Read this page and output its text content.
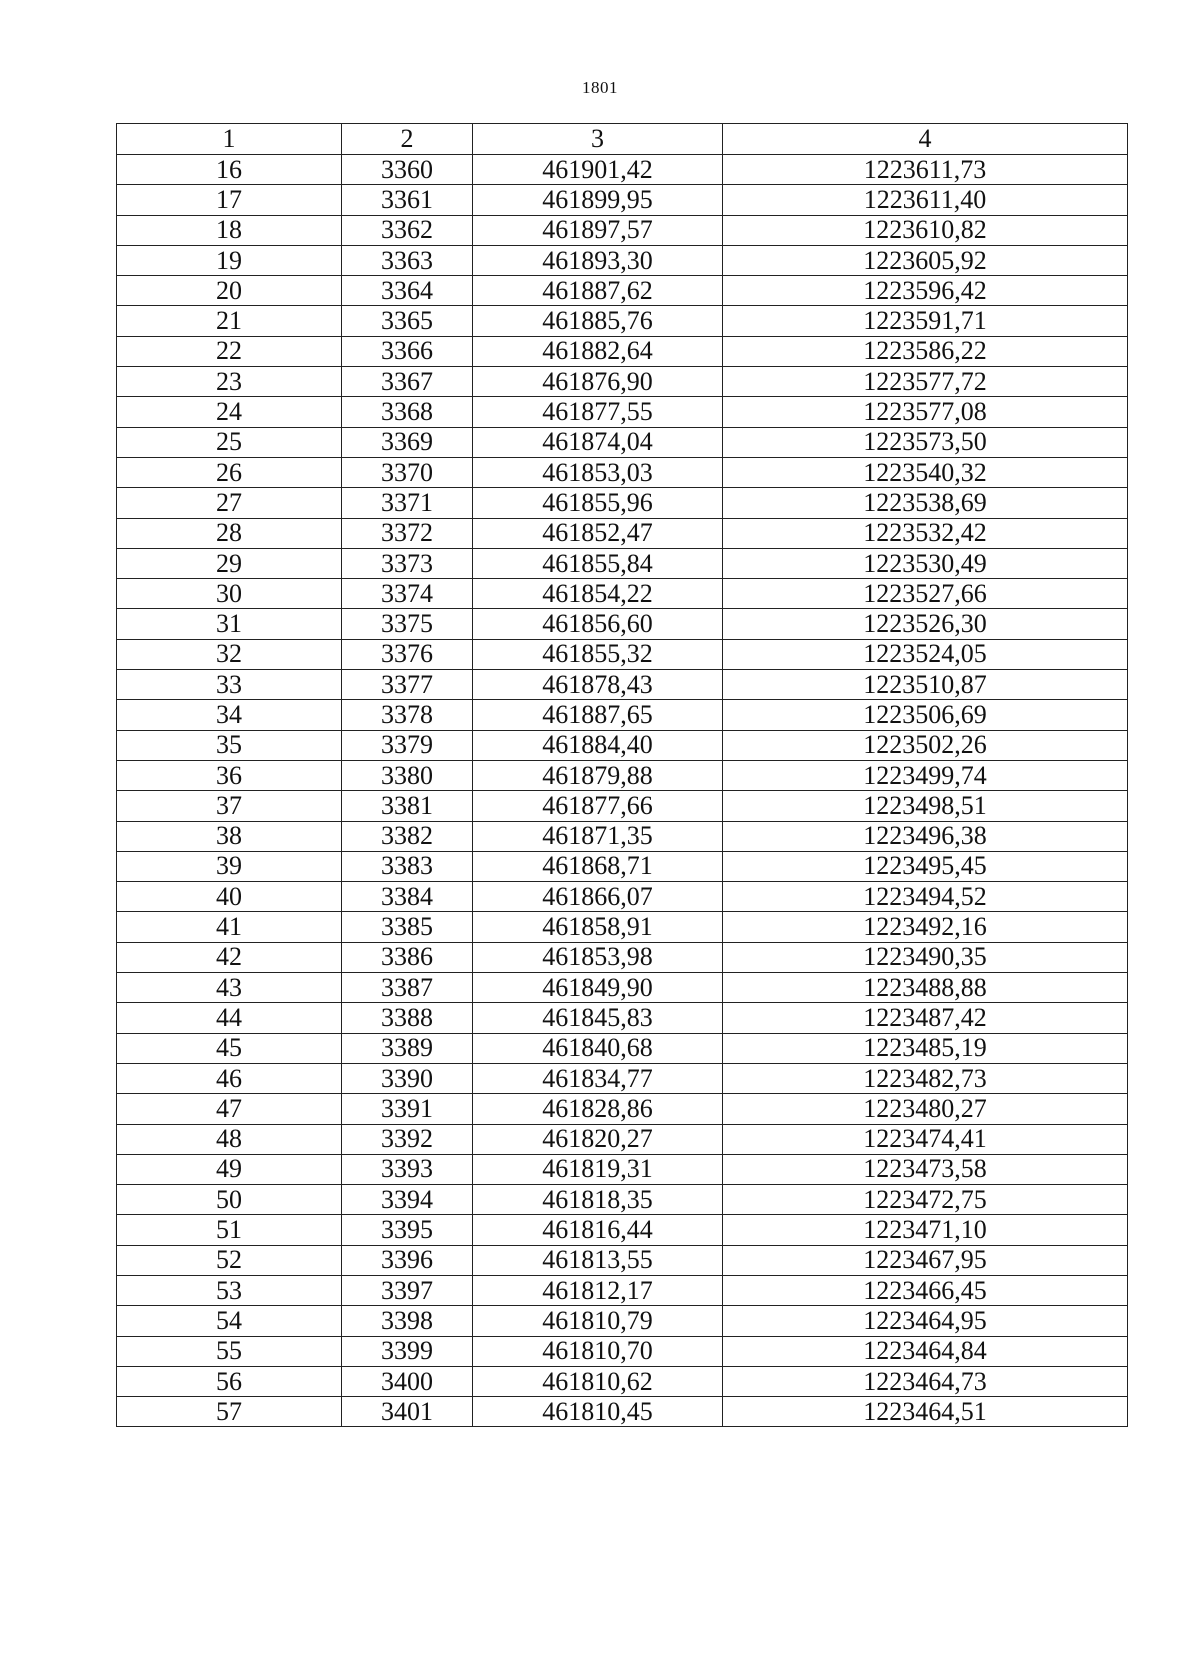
1801
1	2	3	4
16	3360	461901,42	1223611,73
17	3361	461899,95	1223611,40
18	3362	461897,57	1223610,82
19	3363	461893,30	1223605,92
20	3364	461887,62	1223596,42
21	3365	461885,76	1223591,71
22	3366	461882,64	1223586,22
23	3367	461876,90	1223577,72
24	3368	461877,55	1223577,08
25	3369	461874,04	1223573,50
26	3370	461853,03	1223540,32
27	3371	461855,96	1223538,69
28	3372	461852,47	1223532,42
29	3373	461855,84	1223530,49
30	3374	461854,22	1223527,66
31	3375	461856,60	1223526,30
32	3376	461855,32	1223524,05
33	3377	461878,43	1223510,87
34	3378	461887,65	1223506,69
35	3379	461884,40	1223502,26
36	3380	461879,88	1223499,74
37	3381	461877,66	1223498,51
38	3382	461871,35	1223496,38
39	3383	461868,71	1223495,45
40	3384	461866,07	1223494,52
41	3385	461858,91	1223492,16
42	3386	461853,98	1223490,35
43	3387	461849,90	1223488,88
44	3388	461845,83	1223487,42
45	3389	461840,68	1223485,19
46	3390	461834,77	1223482,73
47	3391	461828,86	1223480,27
48	3392	461820,27	1223474,41
49	3393	461819,31	1223473,58
50	3394	461818,35	1223472,75
51	3395	461816,44	1223471,10
52	3396	461813,55	1223467,95
53	3397	461812,17	1223466,45
54	3398	461810,79	1223464,95
55	3399	461810,70	1223464,84
56	3400	461810,62	1223464,73
57	3401	461810,45	1223464,51
